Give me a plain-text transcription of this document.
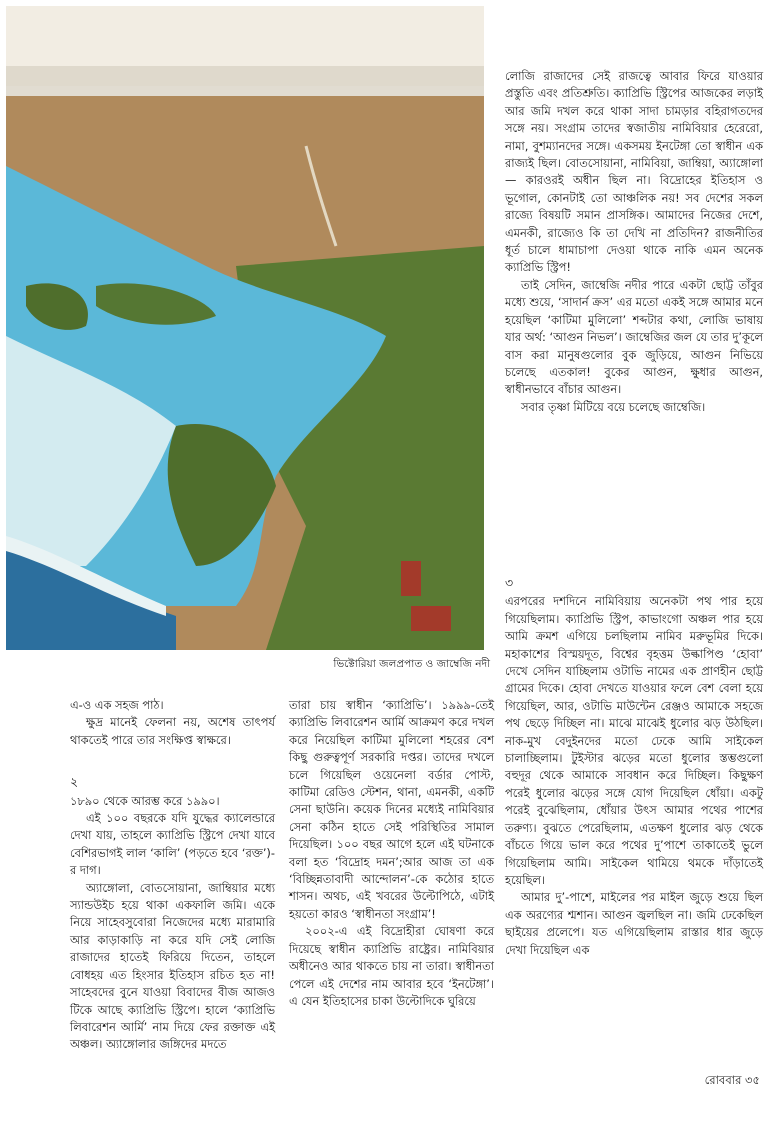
ভিক্টোরিয়া জলপ্রপাত ও জাম্বেজি নদী

লোজি রাজাদের সেই রাজত্বে আবার ফিরে যাওয়ার প্রস্তুতি এবং প্রতিশ্রুতি। ক্যাপ্রিভি স্ট্রিপের আজকের লড়াই আর জমি দখল করে থাকা সাদা চামড়ার বহিরাগতদের সঙ্গে নয়। সংগ্রাম তাদের স্বজাতীয় নামিবিয়ার হেরেরো, নামা, বুশম্যানদের সঙ্গে। একসময় ইনটেঙ্গা তো স্বাধীন এক রাজ্যই ছিল। বোতসোয়ানা, নামিবিয়া, জাম্বিয়া, অ্যাঙ্গোলা— কারওরই অধীন ছিল না। বিদ্রোহের ইতিহাস ও ভূগোল, কোনটাই তো আঞ্চলিক নয়! সব দেশের সকল রাজ্যে বিষয়টি সমান প্রাসঙ্গিক। আমাদের নিজের দেশে, এমনকী, রাজ্যেও কি তা দেখি না প্রতিদিন? রাজনীতির ধূর্ত চালে ধামাচাপা দেওয়া থাকে নাকি এমন অনেক ক্যাপ্রিভি স্ট্রিপ!

তাই সেদিন, জাম্বেজি নদীর পারে একটা ছোট্ট তাঁবুর মধ্যে শুয়ে, ‘সাদার্ন ক্রস’ এর মতো একই সঙ্গে আমার মনে হয়েছিল ‘কাটিমা মুলিলো’ শব্দটার কথা, লোজি ভাষায় যার অর্থ: ‘আগুন নিভল’। জাম্বেজির জল যে তার দু’কূলে বাস করা মানুষগুলোর বুক জুড়িয়ে, আগুন নিভিয়ে চলেছে এতকাল! বুকের আগুন, ক্ষুধার আগুন, স্বাধীনভাবে বাঁচার আগুন।

সবার তৃষ্ণা মিটিয়ে বয়ে চলেছে জাম্বেজি।

৩

এরপরের দশদিনে নামিবিয়ায় অনেকটা পথ পার হয়ে গিয়েছিলাম। ক্যাপ্রিভি স্ট্রিপ, কাভাংগো অঞ্চল পার হয়ে আমি ক্রমশ এগিয়ে চলছিলাম নামিব মরুভূমির দিকে। মহাকাশের বিস্ময়দূত, বিশ্বের বৃহত্তম উল্কাপিণ্ড ‘হোবা’ দেখে সেদিন যাচ্ছিলাম ওটাভি নামের এক প্রাণহীন ছোট্ট গ্রামের দিকে। হোবা দেখতে যাওয়ার ফলে বেশ বেলা হয়ে গিয়েছিল, আর, ওটাভি মাউন্টেন রেঞ্জও আমাকে সহজে পথ ছেড়ে দিচ্ছিল না। মাঝে মাঝেই ধুলোর ঝড় উঠছিল। নাক-মুখ বেদুইনদের মতো ঢেকে আমি সাইকেল চালাচ্ছিলাম। টুইস্টার ঝড়ের মতো ধুলোর স্তম্ভগুলো বহুদূর থেকে আমাকে সাবধান করে দিচ্ছিল। কিছুক্ষণ পরেই ধুলোর ঝড়ের সঙ্গে যোগ দিয়েছিল ধোঁয়া। একটু পরেই বুঝেছিলাম, ধোঁয়ার উৎস আমার পথের পাশের তরুণ্য। বুঝতে পেরেছিলাম, এতক্ষণ ধুলোর ঝড় থেকে বাঁচতে গিয়ে ভাল করে পথের দু’পাশে তাকাতেই ভুলে গিয়েছিলাম আমি। সাইকেল থামিয়ে থমকে দাঁড়াতেই হয়েছিল।

আমার দু’-পাশে, মাইলের পর মাইল জুড়ে শুয়ে ছিল এক অরণ্যের শ্মশান। আগুন জ্বলছিল না। জমি ঢেকেছিল ছাইয়ের প্রলেপে। যত এগিয়েছিলাম রাস্তার ধার জুড়ে দেখা দিয়েছিল এক

এ-ও এক সহজ পাঠ।

ক্ষুদ্র মানেই ফেলনা নয়, অশেষ তাৎপর্য থাকতেই পারে তার সংক্ষিপ্ত স্বাক্ষরে।

২

১৮৯০ থেকে আরম্ভ করে ১৯৯০।

এই ১০০ বছরকে যদি যুদ্ধের ক্যালেন্ডারে দেখা যায়, তাহলে ক্যাপ্রিভি স্ট্রিপে দেখা যাবে বেশিরভাগই লাল ‘কালি’ (পড়তে হবে ‘রক্ত’)-র দাগ।

অ্যাঙ্গোলা, বোতসোয়ানা, জাম্বিয়ার মধ্যে স্যান্ডউইচ হয়ে থাকা একফালি জমি। একে নিয়ে সাহেবসুবোরা নিজেদের মধ্যে মারামারি আর কাড়াকাড়ি না করে যদি সেই লোজি রাজাদের হাতেই ফিরিয়ে দিতেন, তাহলে বোধহয় এত হিংসার ইতিহাস রচিত হত না! সাহেবদের বুনে যাওয়া বিবাদের বীজ আজও টিকে আছে ক্যাপ্রিভি স্ট্রিপে। হালে ‘ক্যাপ্রিভি লিবারেশন আর্মি’ নাম দিয়ে ফের রক্তাক্ত এই অঞ্চল। অ্যাঙ্গোলার জঙ্গিদের মদতে

তারা চায় স্বাধীন ‘ক্যাপ্রিভি’। ১৯৯৯-তেই ক্যাপ্রিভি লিবারেশন আর্মি আক্রমণ করে দখল করে নিয়েছিল কাটিমা মুলিলো শহরের বেশ কিছু গুরুত্বপূর্ণ সরকারি দপ্তর। তাদের দখলে চলে গিয়েছিল ওয়েনেলা বর্ডার পোস্ট, কাটিমা রেডিও স্টেশন, থানা, এমনকী, একটি সেনা ছাউনি। কয়েক দিনের মধ্যেই নামিবিয়ার সেনা কঠিন হাতে সেই পরিস্থিতির সামাল দিয়েছিল। ১০০ বছর আগে হলে এই ঘটনাকে বলা হত ‘বিদ্রোহ দমন’;আর আজ তা এক ‘বিচ্ছিন্নতাবাদী আন্দোলন’-কে কঠোর হাতে শাসন। অথচ, এই খবরের উল্টোপিঠে, এটাই হয়তো কারও ‘স্বাধীনতা সংগ্রাম’!

২০০২-এ এই বিদ্রোহীরা ঘোষণা করে দিয়েছে স্বাধীন ক্যাপ্রিভি রাষ্ট্রের। নামিবিয়ার অধীনেও আর থাকতে চায় না তারা। স্বাধীনতা পেলে এই দেশের নাম আবার হবে ‘ইনটেঙ্গা’। এ যেন ইতিহাসের চাকা উল্টোদিকে ঘুরিয়ে

রোববার ৩৫
